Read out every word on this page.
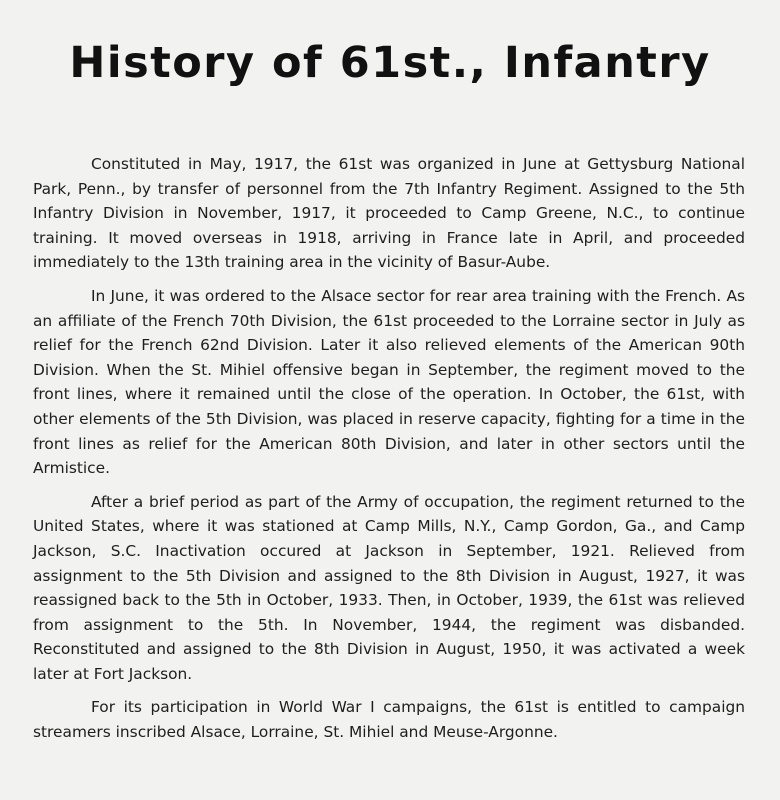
History of 61st., Infantry

Constituted in May, 1917, the 61st was organized in June at Gettysburg National Park, Penn., by transfer of personnel from the 7th Infantry Regiment. Assigned to the 5th Infantry Division in November, 1917, it proceeded to Camp Greene, N.C., to continue training. It moved overseas in 1918, arriving in France late in April, and proceeded immediately to the 13th training area in the vicinity of Basur-Aube.

In June, it was ordered to the Alsace sector for rear area training with the French. As an affiliate of the French 70th Division, the 61st proceeded to the Lorraine sector in July as relief for the French 62nd Division. Later it also relieved elements of the American 90th Division. When the St. Mihiel offensive began in September, the regiment moved to the front lines, where it remained until the close of the operation. In October, the 61st, with other elements of the 5th Division, was placed in reserve capacity, fighting for a time in the front lines as relief for the American 80th Division, and later in other sectors until the Armistice.

After a brief period as part of the Army of occupation, the regiment returned to the United States, where it was stationed at Camp Mills, N.Y., Camp Gordon, Ga., and Camp Jackson, S.C. Inactivation occured at Jackson in September, 1921. Relieved from assignment to the 5th Division and assigned to the 8th Division in August, 1927, it was reassigned back to the 5th in October, 1933. Then, in October, 1939, the 61st was relieved from assignment to the 5th. In November, 1944, the regiment was disbanded. Reconstituted and assigned to the 8th Division in August, 1950, it was activated a week later at Fort Jackson.

For its participation in World War I campaigns, the 61st is entitled to campaign streamers inscribed Alsace, Lorraine, St. Mihiel and Meuse-Argonne.
